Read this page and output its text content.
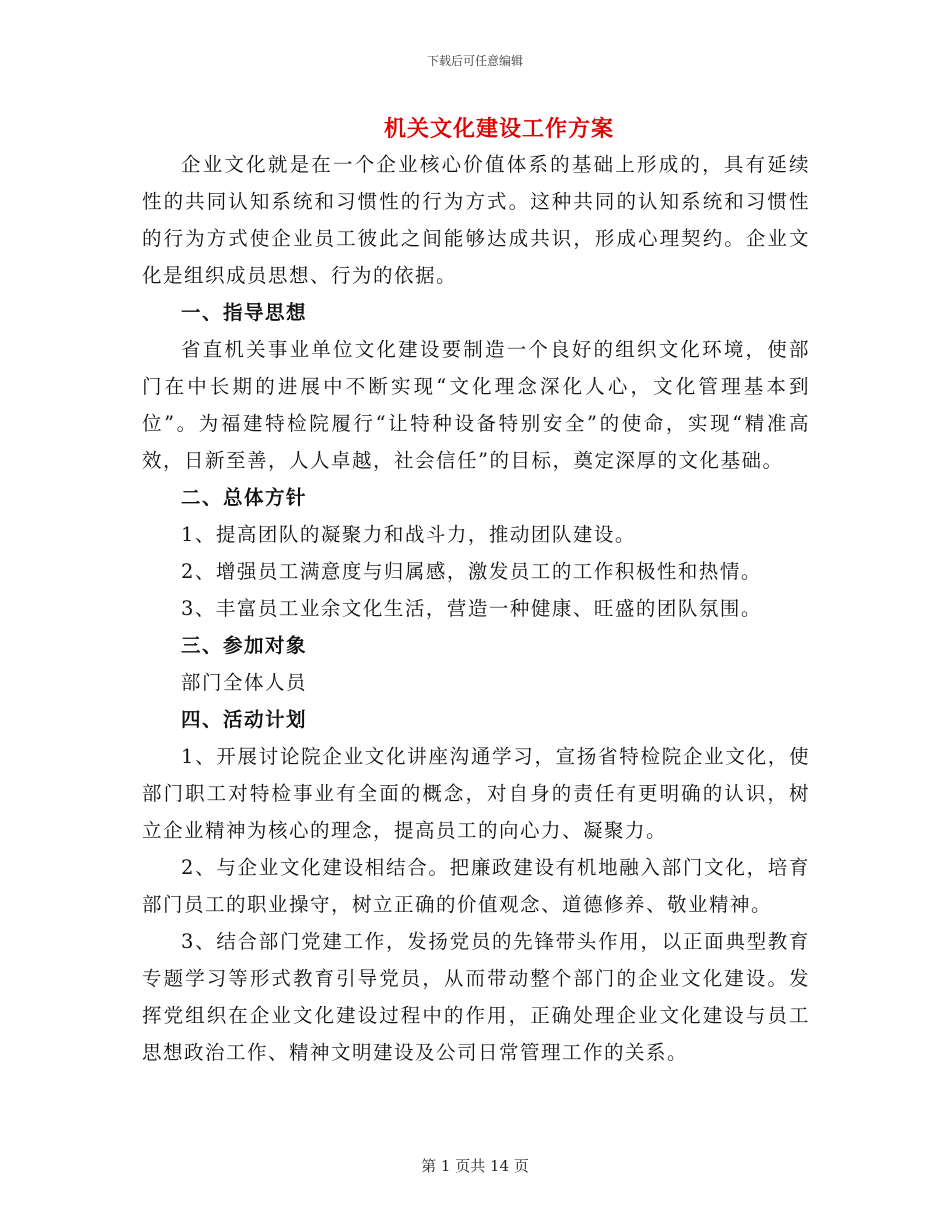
下载后可任意编辑
机关文化建设工作方案

企业文化就是在一个企业核心价值体系的基础上形成的，具有延续性的共同认知系统和习惯性的行为方式。这种共同的认知系统和习惯性的行为方式使企业员工彼此之间能够达成共识，形成心理契约。企业文化是组织成员思想、行为的依据。

一、指导思想

省直机关事业单位文化建设要制造一个良好的组织文化环境，使部门在中长期的进展中不断实现“文化理念深化人心，文化管理基本到位”。为福建特检院履行“让特种设备特别安全”的使命，实现“精准高效，日新至善，人人卓越，社会信任”的目标，奠定深厚的文化基础。

二、总体方针

1、提高团队的凝聚力和战斗力，推动团队建设。

2、增强员工满意度与归属感，激发员工的工作积极性和热情。

3、丰富员工业余文化生活，营造一种健康、旺盛的团队氛围。

三、参加对象

部门全体人员

四、活动计划

1、开展讨论院企业文化讲座沟通学习，宣扬省特检院企业文化，使部门职工对特检事业有全面的概念，对自身的责任有更明确的认识，树立企业精神为核心的理念，提高员工的向心力、凝聚力。

2、与企业文化建设相结合。把廉政建设有机地融入部门文化，培育部门员工的职业操守，树立正确的价值观念、道德修养、敬业精神。

3、结合部门党建工作，发扬党员的先锋带头作用，以正面典型教育专题学习等形式教育引导党员，从而带动整个部门的企业文化建设。发挥党组织在企业文化建设过程中的作用，正确处理企业文化建设与员工思想政治工作、精神文明建设及公司日常管理工作的关系。

第 1 页共 14 页
